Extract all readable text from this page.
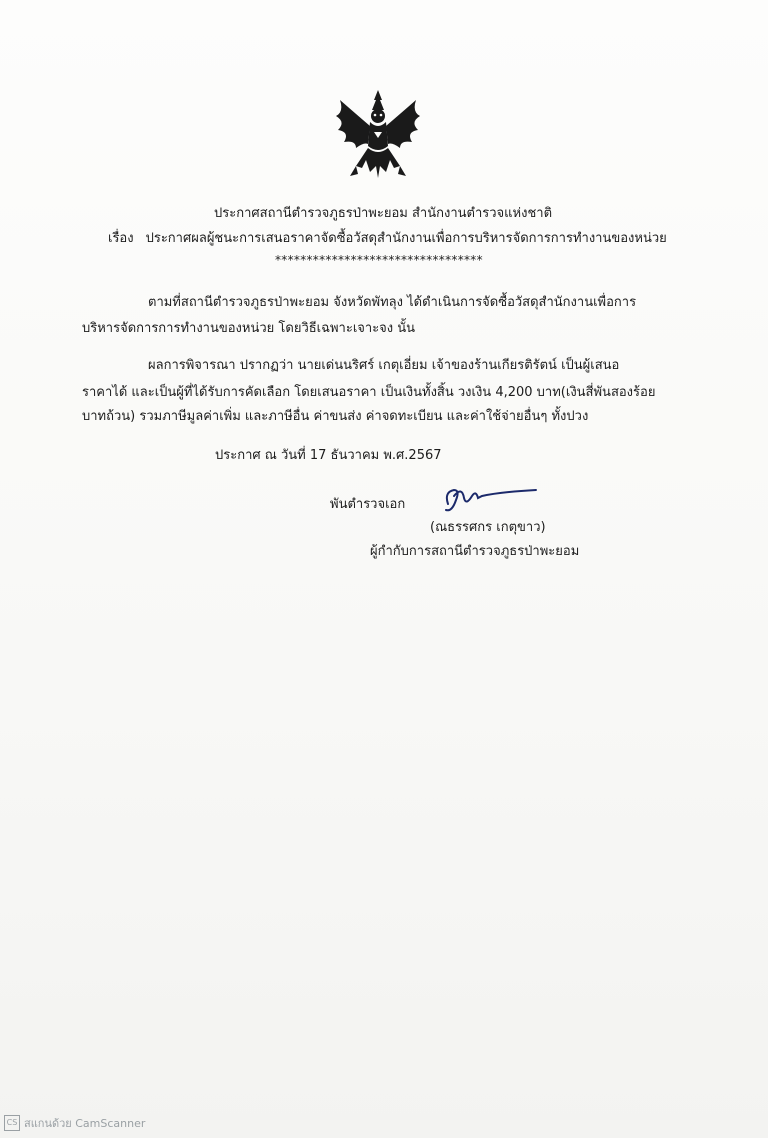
ประกาศสถานีตำรวจภูธรป่าพะยอม สำนักงานตำรวจแห่งชาติ
เรื่อง ประกาศผลผู้ชนะการเสนอราคาจัดซื้อวัสดุสำนักงานเพื่อการบริหารจัดการการทำงานของหน่วย
*********************************
ตามที่สถานีตำรวจภูธรป่าพะยอม จังหวัดพัทลุง ได้ดำเนินการจัดซื้อวัสดุสำนักงานเพื่อการ
บริหารจัดการการทำงานของหน่วย โดยวิธีเฉพาะเจาะจง นั้น
ผลการพิจารณา ปรากฏว่า นายเด่นนริศร์ เกตุเอี่ยม เจ้าของร้านเกียรติรัตน์ เป็นผู้เสนอ
ราคาได้ และเป็นผู้ที่ได้รับการคัดเลือก โดยเสนอราคา เป็นเงินทั้งสิ้น วงเงิน 4,200 บาท(เงินสี่พันสองร้อย
บาทถ้วน) รวมภาษีมูลค่าเพิ่ม และภาษีอื่น ค่าขนส่ง ค่าจดทะเบียน และค่าใช้จ่ายอื่นๆ ทั้งปวง
ประกาศ ณ วันที่ 17 ธันวาคม พ.ศ.2567
พันตำรวจเอก
(ณธรรศกร เกตุขาว)
ผู้กำกับการสถานีตำรวจภูธรป่าพะยอม
CS สแกนด้วย CamScanner
